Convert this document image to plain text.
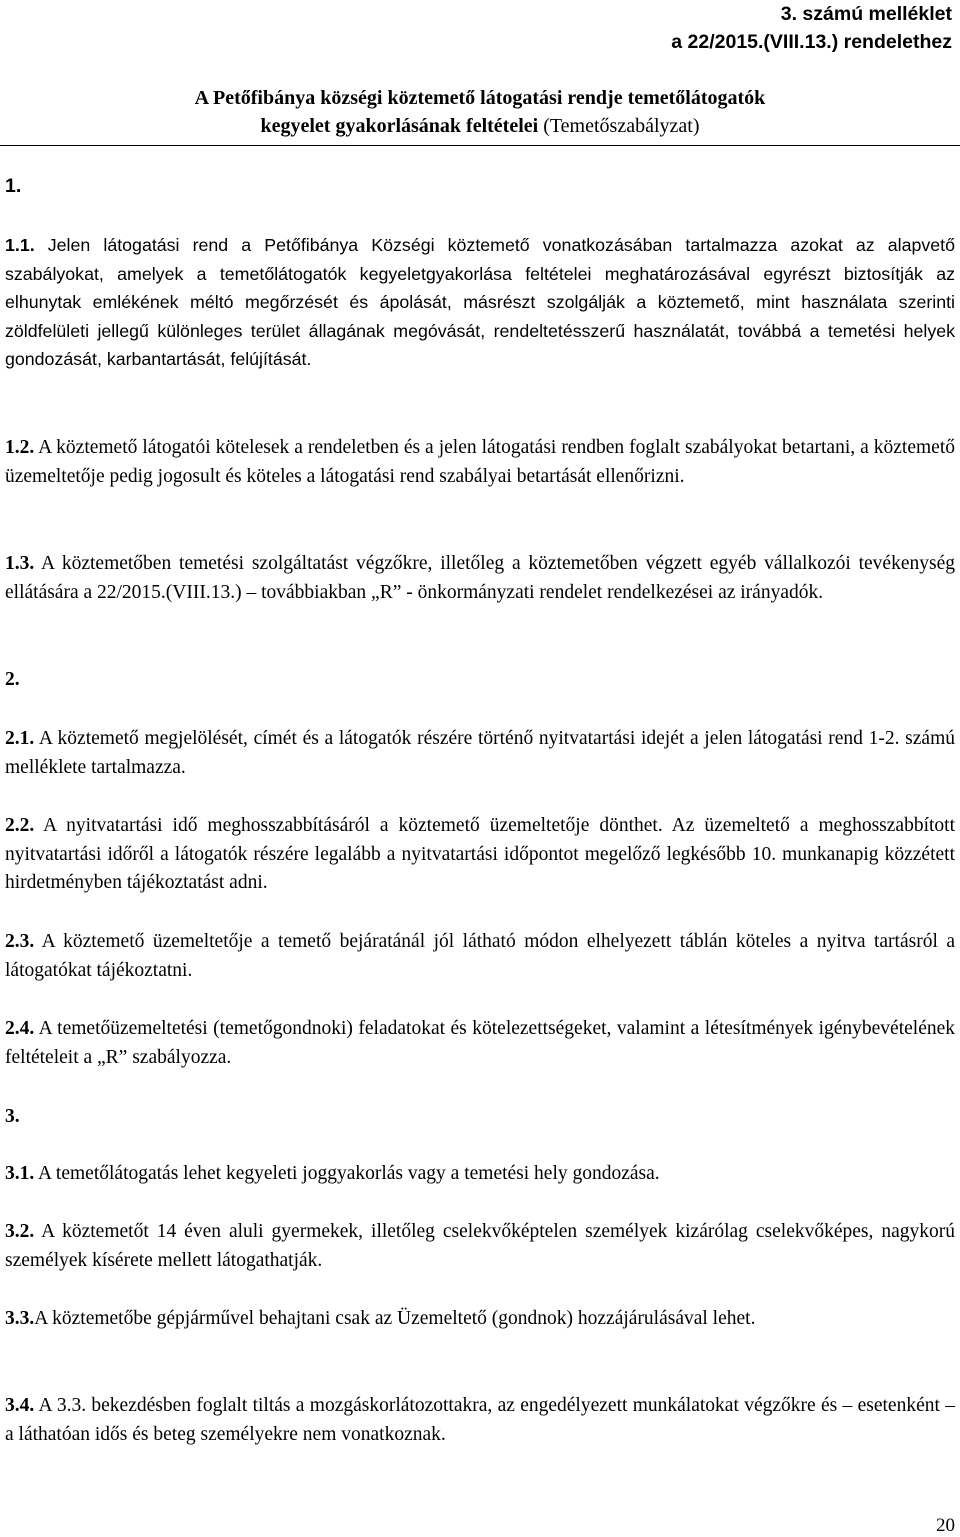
3. számú melléklet
a 22/2015.(VIII.13.) rendelethez
A Petőfibánya községi köztemető látogatási rendje temetőlátogatók
kegyelet gyakorlásának feltételei (Temetőszabályzat)
1.
1.1. Jelen látogatási rend a Petőfibánya Községi köztemető vonatkozásában tartalmazza azokat az alapvető szabályokat, amelyek a temetőlátogatók kegyeletgyakorlása feltételei meghatározásával egyrészt biztosítják az elhunytak emlékének méltó megőrzését és ápolását, másrészt szolgálják a köztemető, mint használata szerinti zöldfelületi jellegű különleges terület állagának megóvását, rendeltetésszerű használatát, továbbá a temetési helyek gondozását, karbantartását, felújítását.
1.2. A köztemető látogatói kötelesek a rendeletben és a jelen látogatási rendben foglalt szabályokat betartani, a köztemető üzemeltetője pedig jogosult és köteles a látogatási rend szabályai betartását ellenőrizni.
1.3. A köztemetőben temetési szolgáltatást végzőkre, illetőleg a köztemetőben végzett egyéb vállalkozói tevékenység ellátására a 22/2015.(VIII.13.) – továbbiakban „R” - önkormányzati rendelet rendelkezései az irányadók.
2.
2.1. A köztemető megjelölését, címét és a látogatók részére történő nyitvatartási idejét a jelen látogatási rend 1-2. számú melléklete tartalmazza.
2.2. A nyitvatartási idő meghosszabbításáról a köztemető üzemeltetője dönthet. Az üzemeltető a meghosszabbított nyitvatartási időről a látogatók részére legalább a nyitvatartási időpontot megelőző legkésőbb 10. munkanapig közzétett hirdetményben tájékoztatást adni.
2.3. A köztemető üzemeltetője a temető bejáratánál jól látható módon elhelyezett táblán köteles a nyitva tartásról a látogatókat tájékoztatni.
2.4. A temetőüzemeltetési (temetőgondnoki) feladatokat és kötelezettségeket, valamint a létesítmények igénybevételének feltételeit a „R” szabályozza.
3.
3.1. A temetőlátogatás lehet kegyeleti joggyakorlás vagy a temetési hely gondozása.
3.2. A köztemetőt 14 éven aluli gyermekek, illetőleg cselekvőképtelen személyek kizárólag cselekvőképes, nagykorú személyek kísérete mellett látogathatják.
3.3.A köztemetőbe gépjárművel behajtani csak az Üzemeltető (gondnok) hozzájárulásával lehet.
3.4. A 3.3. bekezdésben foglalt tiltás a mozgáskorlátozottakra, az engedélyezett munkálatokat végzőkre és – esetenként – a láthatóan idős és beteg személyekre nem vonatkoznak.
20
